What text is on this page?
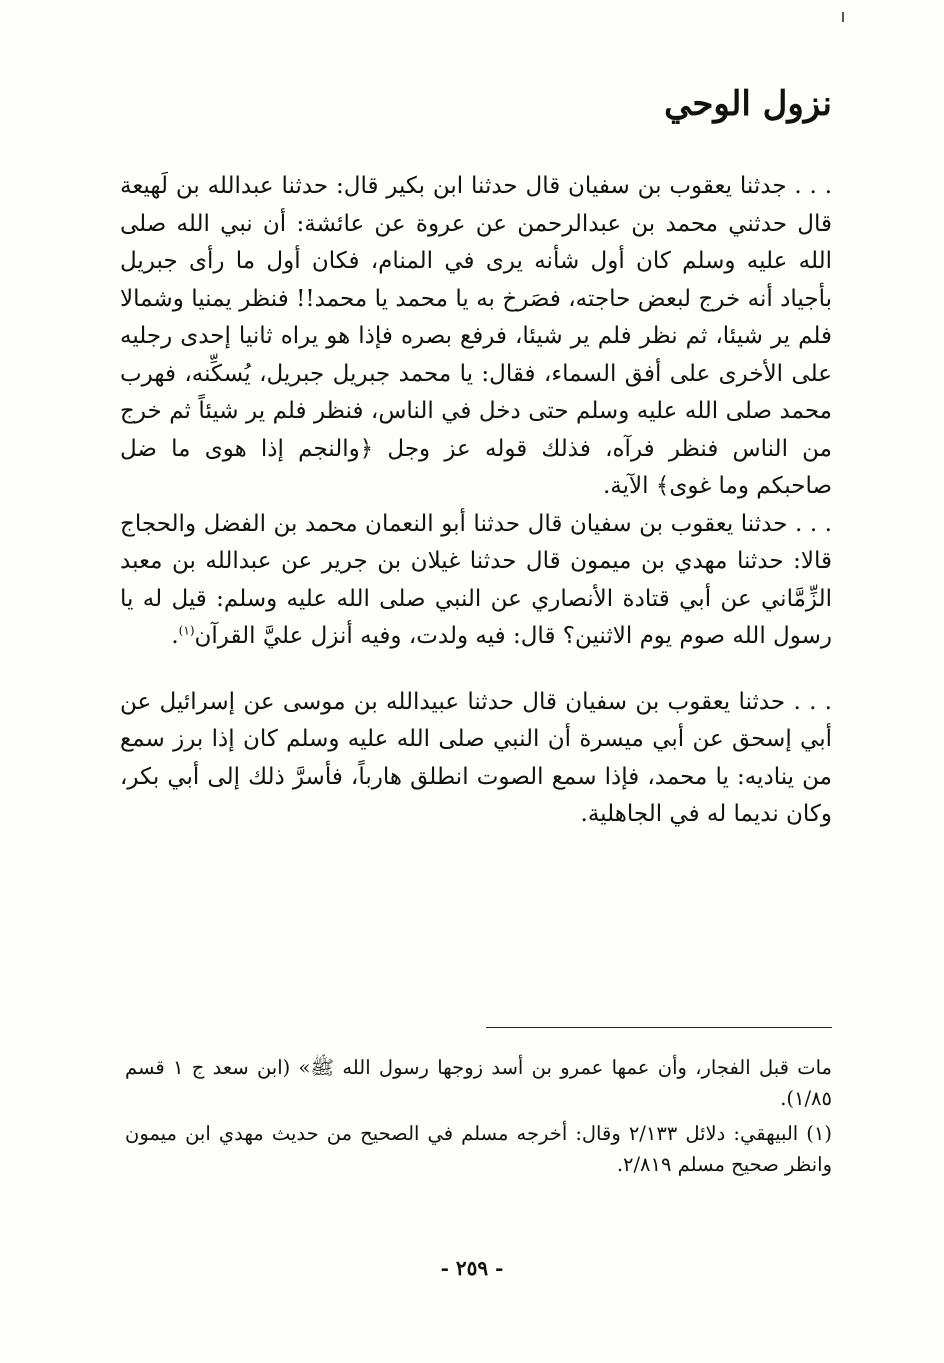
نزول الوحي

. . . جدثنا يعقوب بن سفيان قال حدثنا ابن بكير قال: حدثنا عبدالله بن لَهيعة قال حدثني محمد بن عبدالرحمن عن عروة عن عائشة: أن نبي الله صلى الله عليه وسلم كان أول شأنه يرى في المنام، فكان أول ما رأى جبريل بأجياد أنه خرج لبعض حاجته، فصَرخ به يا محمد يا محمد!! فنظر يمنيا وشمالا فلم ير شيئا، ثم نظر فلم ير شيئا، فرفع بصره فإذا هو يراه ثانيا إحدى رجليه على الأخرى على أفق السماء، فقال: يا محمد جبريل جبريل، يُسكِّنه، فهرب محمد صلى الله عليه وسلم حتى دخل في الناس، فنظر فلم ير شيئاً ثم خرج من الناس فنظر فرآه، فذلك قوله عز وجل ﴿والنجم إذا هوى ما ضل صاحبكم وما غوى﴾ الآية.

. . . حدثنا يعقوب بن سفيان قال حدثنا أبو النعمان محمد بن الفضل والحجاج قالا: حدثنا مهدي بن ميمون قال حدثنا غيلان بن جرير عن عبدالله بن معبد الزِّمَّاني عن أبي قتادة الأنصاري عن النبي صلى الله عليه وسلم: قيل له يا رسول الله صوم يوم الاثنين؟ قال: فيه ولدت، وفيه أنزل عليَّ القرآن$^{(١)}$.

. . . حدثنا يعقوب بن سفيان قال حدثنا عبيدالله بن موسى عن إسرائيل عن أبي إسحق عن أبي ميسرة أن النبي صلى الله عليه وسلم كان إذا برز سمع من يناديه: يا محمد، فإذا سمع الصوت انطلق هارباً، فأسرَّ ذلك إلى أبي بكر، وكان نديما له في الجاهلية.

مات قبل الفجار، وأن عمها عمرو بن أسد زوجها رسول الله ﷺ» (ابن سعد ج ١ قسم ١/٨٥).

(١) البيهقي: دلائل ٢/١٣٣ وقال: أخرجه مسلم في الصحيح من حديث مهدي ابن ميمون وانظر صحيح مسلم ٢/٨١٩.

- ٢٥٩ -
